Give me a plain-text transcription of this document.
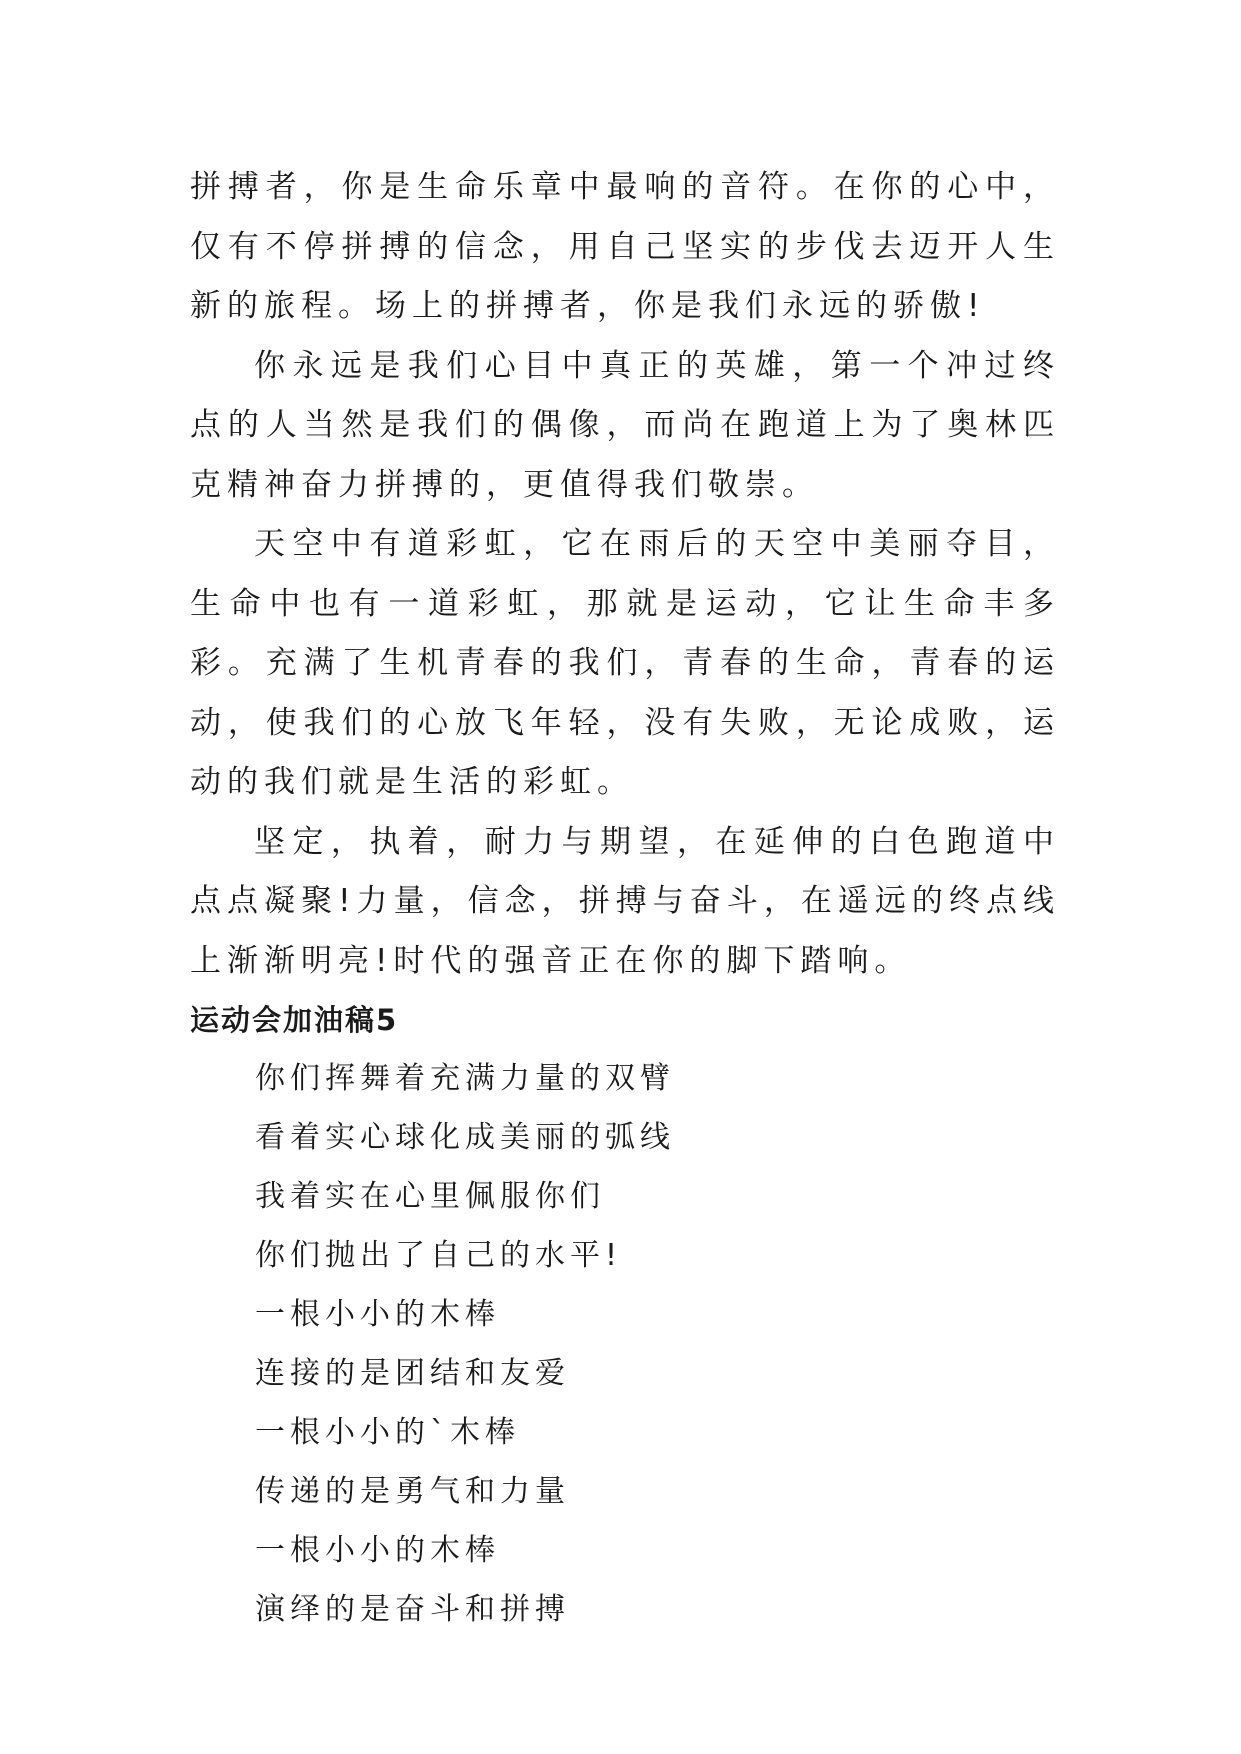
拼搏者，你是生命乐章中最响的音符。在你的心中，仅有不停拼搏的信念，用自己坚实的步伐去迈开人生新的旅程。场上的拼搏者，你是我们永远的骄傲!

你永远是我们心目中真正的英雄，第一个冲过终点的人当然是我们的偶像，而尚在跑道上为了奥林匹克精神奋力拼搏的，更值得我们敬崇。

天空中有道彩虹，它在雨后的天空中美丽夺目，生命中也有一道彩虹，那就是运动，它让生命丰多彩。充满了生机青春的我们，青春的生命，青春的运动，使我们的心放飞年轻，没有失败，无论成败，运动的我们就是生活的彩虹。

坚定，执着，耐力与期望，在延伸的白色跑道中点点凝聚!力量，信念，拼搏与奋斗，在遥远的终点线上渐渐明亮!时代的强音正在你的脚下踏响。

运动会加油稿5
你们挥舞着充满力量的双臂
看着实心球化成美丽的弧线
我着实在心里佩服你们
你们抛出了自己的水平!
一根小小的木棒
连接的是团结和友爱
一根小小的`木棒
传递的是勇气和力量
一根小小的木棒
演绎的是奋斗和拼搏
